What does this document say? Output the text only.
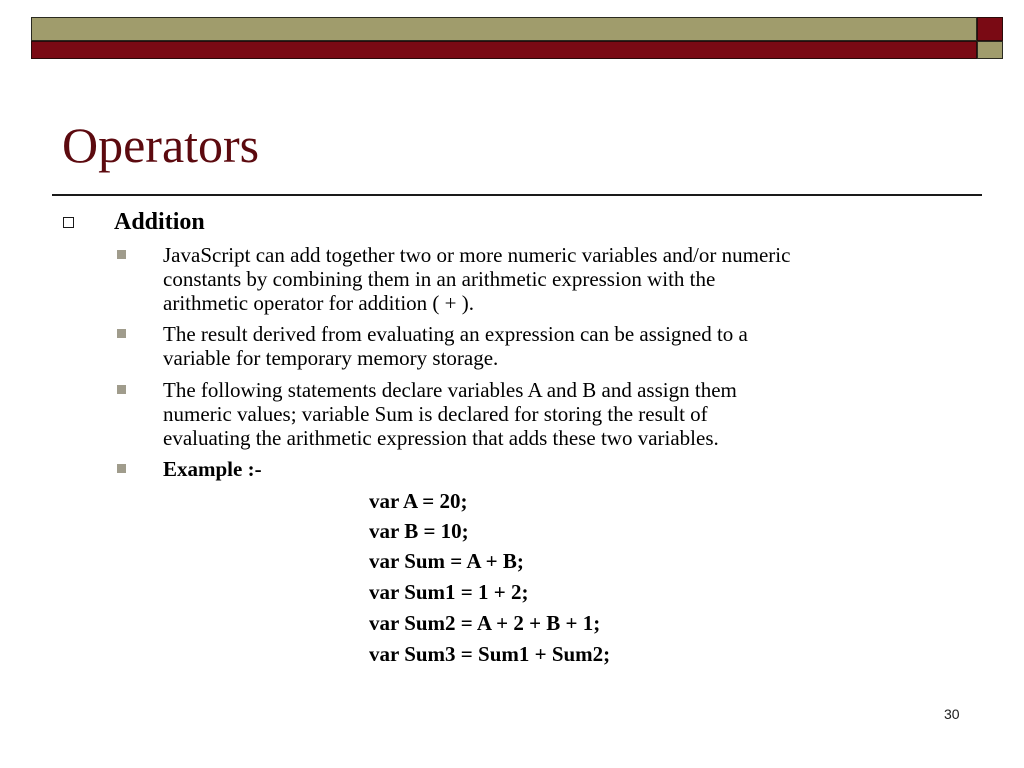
Operators
Addition
JavaScript can add together two or more numeric variables and/or numeric
constants by combining them in an arithmetic expression with the
arithmetic operator for addition ( + ).
The result derived from evaluating an expression can be assigned to a
variable for temporary memory storage.
The following statements declare variables A and B and assign them
numeric values; variable Sum is declared for storing the result of
evaluating the arithmetic expression that adds these two variables.
Example :-
var A = 20;
var B = 10;
var Sum = A + B;
var Sum1 = 1 + 2;
var Sum2 = A + 2 + B + 1;
var Sum3 = Sum1 + Sum2;
30
